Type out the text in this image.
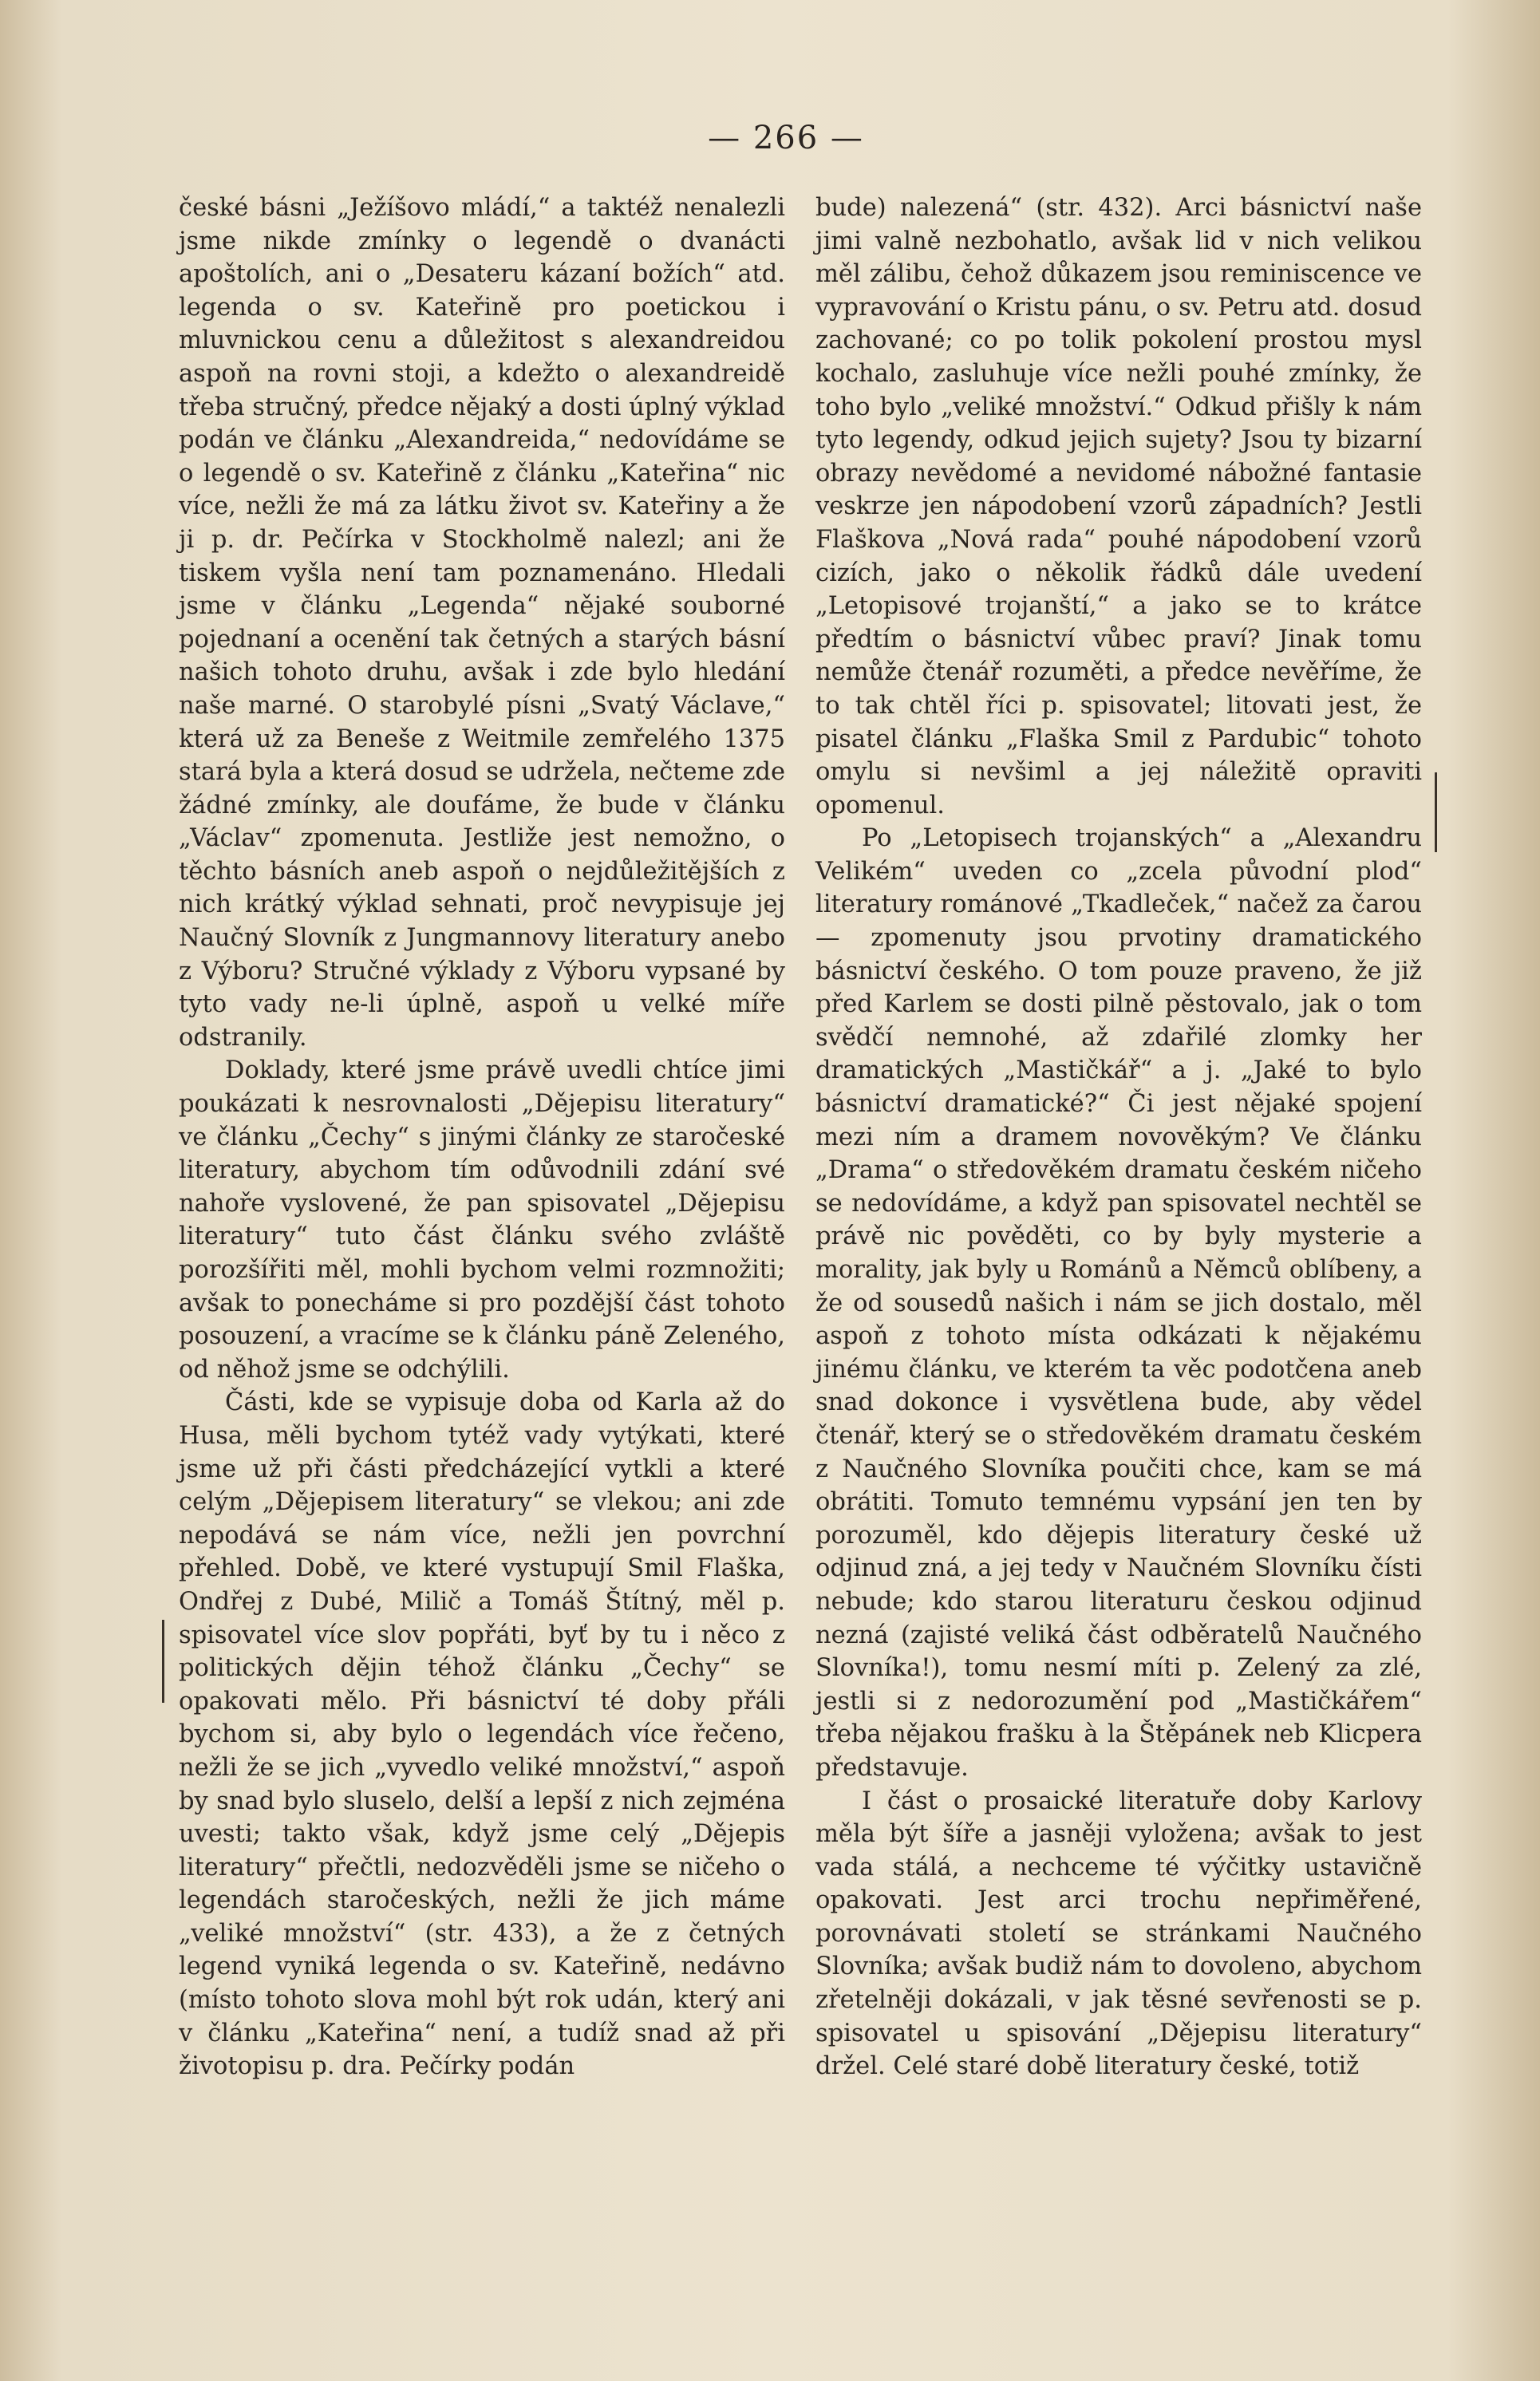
— 266 —

české básni „Ježíšovo mládí,“ a taktéž nenalezli jsme nikde zmínky o legendě o dvanácti apoštolích, ani o „Desateru kázaní božích“ atd. legenda o sv. Kateřině pro poetickou i mluvnickou cenu a důležitost s alexandreidou aspoň na rovni stoji, a kdežto o alexandreidě třeba stručný, předce nějaký a dosti úplný výklad podán ve článku „Alexandreida,“ nedovídáme se o legendě o sv. Kateřině z článku „Kateřina“ nic více, nežli že má za látku život sv. Kateřiny a že ji p. dr. Pečírka v Stockholmě nalezl; ani že tiskem vyšla není tam poznamenáno. Hledali jsme v článku „Legenda“ nějaké souborné pojednaní a ocenění tak četných a starých básní našich tohoto druhu, avšak i zde bylo hledání naše marné. O starobylé písni „Svatý Václave,“ která už za Beneše z Weitmile zemřelého 1375 stará byla a která dosud se udržela, nečteme zde žádné zmínky, ale doufáme, že bude v článku „Václav“ zpomenuta. Jestliže jest nemožno, o těchto básních aneb aspoň o nejdůležitějších z nich krátký výklad sehnati, proč nevypisuje jej Naučný Slovník z Jungmannovy literatury anebo z Výboru? Stručné výklady z Výboru vypsané by tyto vady ne-li úplně, aspoň u velké míře odstranily.

Doklady, které jsme právě uvedli chtíce jimi poukázati k nesrovnalosti „Dějepisu literatury“ ve článku „Čechy“ s jinými články ze staročeské literatury, abychom tím odůvodnili zdání své nahoře vyslovené, že pan spisovatel „Dějepisu literatury“ tuto část článku svého zvláště porozšířiti měl, mohli bychom velmi rozmnožiti; avšak to ponecháme si pro pozdější část tohoto posouzení, a vracíme se k článku páně Zeleného, od něhož jsme se odchýlili.

Části, kde se vypisuje doba od Karla až do Husa, měli bychom tytéž vady vytýkati, které jsme už při části předcházející vytkli a které celým „Dějepisem literatury“ se vlekou; ani zde nepodává se nám více, nežli jen povrchní přehled. Době, ve které vystupují Smil Flaška, Ondřej z Dubé, Milič a Tomáš Štítný, měl p. spisovatel více slov popřáti, byť by tu i něco z politických dějin téhož článku „Čechy“ se opakovati mělo. Při básnictví té doby přáli bychom si, aby bylo o legendách více řečeno, nežli že se jich „vyvedlo veliké množství,“ aspoň by snad bylo sluselo, delší a lepší z nich zejména uvesti; takto však, když jsme celý „Dějepis literatury“ přečtli, nedozvěděli jsme se ničeho o legendách staročeských, nežli že jich máme „veliké množství“ (str. 433), a že z četných legend vyniká legenda o sv. Kateřině, nedávno (místo tohoto slova mohl být rok udán, který ani v článku „Kateřina“ není, a tudíž snad až při životopisu p. dra. Pečírky podán

bude) nalezená“ (str. 432). Arci básnictví naše jimi valně nezbohatlo, avšak lid v nich velikou měl zálibu, čehož důkazem jsou reminiscence ve vypravování o Kristu pánu, o sv. Petru atd. dosud zachované; co po tolik pokolení prostou mysl kochalo, zasluhuje více nežli pouhé zmínky, že toho bylo „veliké množství.“ Odkud přišly k nám tyto legendy, odkud jejich sujety? Jsou ty bizarní obrazy nevědomé a nevidomé nábožné fantasie veskrze jen nápodobení vzorů západních? Jestli Flaškova „Nová rada“ pouhé nápodobení vzorů cizích, jako o několik řádků dále uvedení „Letopisové trojanští,“ a jako se to krátce předtím o básnictví vůbec praví? Jinak tomu nemůže čtenář rozuměti, a předce nevěříme, že to tak chtěl říci p. spisovatel; litovati jest, že pisatel článku „Flaška Smil z Pardubic“ tohoto omylu si nevšiml a jej náležitě opraviti opomenul.

Po „Letopisech trojanských“ a „Alexandru Velikém“ uveden co „zcela původní plod“ literatury románové „Tkadleček,“ načež za čarou — zpomenuty jsou prvotiny dramatického básnictví českého. O tom pouze praveno, že již před Karlem se dosti pilně pěstovalo, jak o tom svědčí nemnohé, až zdařilé zlomky her dramatických „Mastičkář“ a j. „Jaké to bylo básnictví dramatické?“ Či jest nějaké spojení mezi ním a dramem novověkým? Ve článku „Drama“ o středověkém dramatu českém ničeho se nedovídáme, a když pan spisovatel nechtěl se právě nic pověděti, co by byly mysterie a morality, jak byly u Románů a Němců oblíbeny, a že od sousedů našich i nám se jich dostalo, měl aspoň z tohoto místa odkázati k nějakému jinému článku, ve kterém ta věc podotčena aneb snad dokonce i vysvětlena bude, aby vědel čtenář, který se o středověkém dramatu českém z Naučného Slovníka poučiti chce, kam se má obrátiti. Tomuto temnému vypsání jen ten by porozuměl, kdo dějepis literatury české už odjinud zná, a jej tedy v Naučném Slovníku čísti nebude; kdo starou literaturu českou odjinud nezná (zajisté veliká část odběratelů Naučného Slovníka!), tomu nesmí míti p. Zelený za zlé, jestli si z nedorozumění pod „Mastičkářem“ třeba nějakou frašku à la Štěpánek neb Klicpera představuje.

I část o prosaické literatuře doby Karlovy měla být šíře a jasněji vyložena; avšak to jest vada stálá, a nechceme té výčitky ustavičně opakovati. Jest arci trochu nepřiměřené, porovnávati století se stránkami Naučného Slovníka; avšak budiž nám to dovoleno, abychom zřetelněji dokázali, v jak těsné sevřenosti se p. spisovatel u spisování „Dějepisu literatury“ držel. Celé staré době literatury české, totiž
